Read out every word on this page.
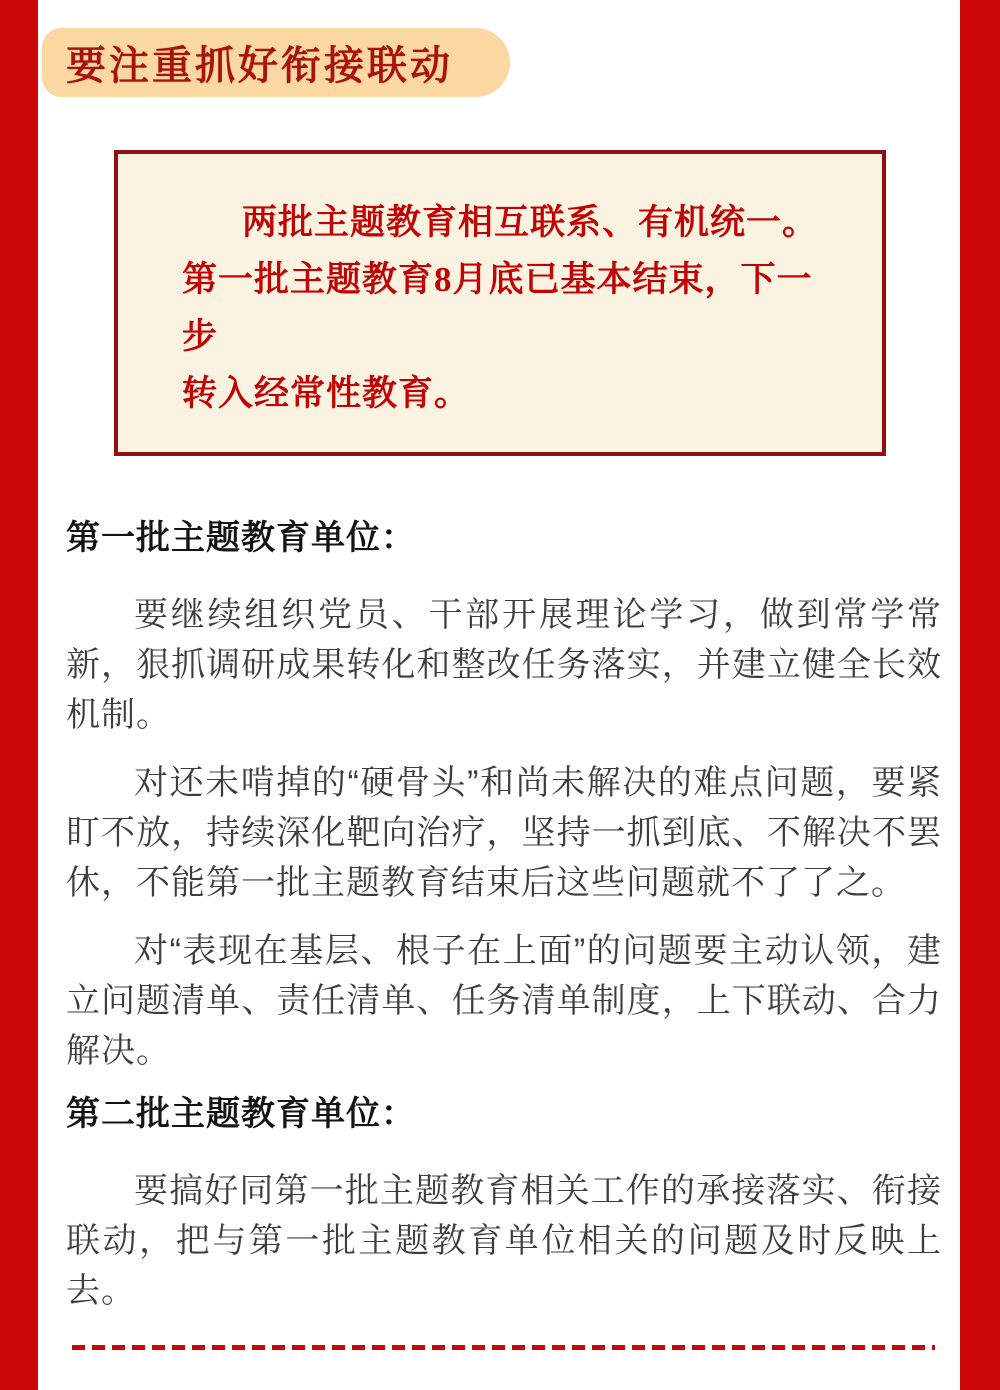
要注重抓好衔接联动
两批主题教育相互联系、有机统一。
第一批主题教育8月底已基本结束，下一步
转入经常性教育。
第一批主题教育单位：

要继续组织党员、干部开展理论学习，做到常学常新，狠抓调研成果转化和整改任务落实，并建立健全长效机制。

对还未啃掉的“硬骨头”和尚未解决的难点问题，要紧盯不放，持续深化靶向治疗，坚持一抓到底、不解决不罢休，不能第一批主题教育结束后这些问题就不了了之。

对“表现在基层、根子在上面”的问题要主动认领，建立问题清单、责任清单、任务清单制度，上下联动、合力解决。

第二批主题教育单位：

要搞好同第一批主题教育相关工作的承接落实、衔接联动，把与第一批主题教育单位相关的问题及时反映上去。
